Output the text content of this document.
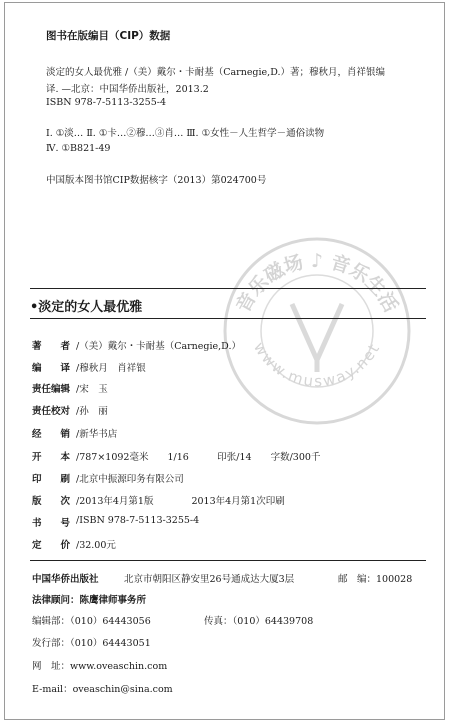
图书在版编目（CIP）数据
淡定的女人最优雅 /（美）戴尔・卡耐基（Carnegie,D.）著；穆秋月，肖祥银编
译. —北京：中国华侨出版社，2013.2
ISBN 978-7-5113-3255-4
Ⅰ. ①淡… Ⅱ. ①卡…②穆…③肖… Ⅲ. ①女性－人生哲学－通俗读物
Ⅳ. ①B821-49
中国版本图书馆CIP数据核字（2013）第024700号
音乐磁场 ♪ 音乐生活
www.musway.net
•淡定的女人最优雅
著　　者 /（美）戴尔・卡耐基（Carnegie,D.）
编　　译 /穆秋月　肖祥银
责任编辑 /宋　玉
责任校对 /孙　丽
经　　销 /新华书店
开　　本 /787×1092毫米　　1/16　　　印张/14　　字数/300千
印　　刷 /北京中振源印务有限公司
版　　次 /2013年4月第1版　　　　2013年4月第1次印刷
书　　号 /ISBN 978-7-5113-3255-4
定　　价 /32.00元
中国华侨出版社	北京市朝阳区静安里26号通成达大厦3层	邮　编：100028
法律顾问：陈鹰律师事务所
编辑部：（010）64443056	传真：（010）64439708
发行部：（010）64443051
网　址：www.oveaschin.com
E-mail：oveaschin@sina.com
